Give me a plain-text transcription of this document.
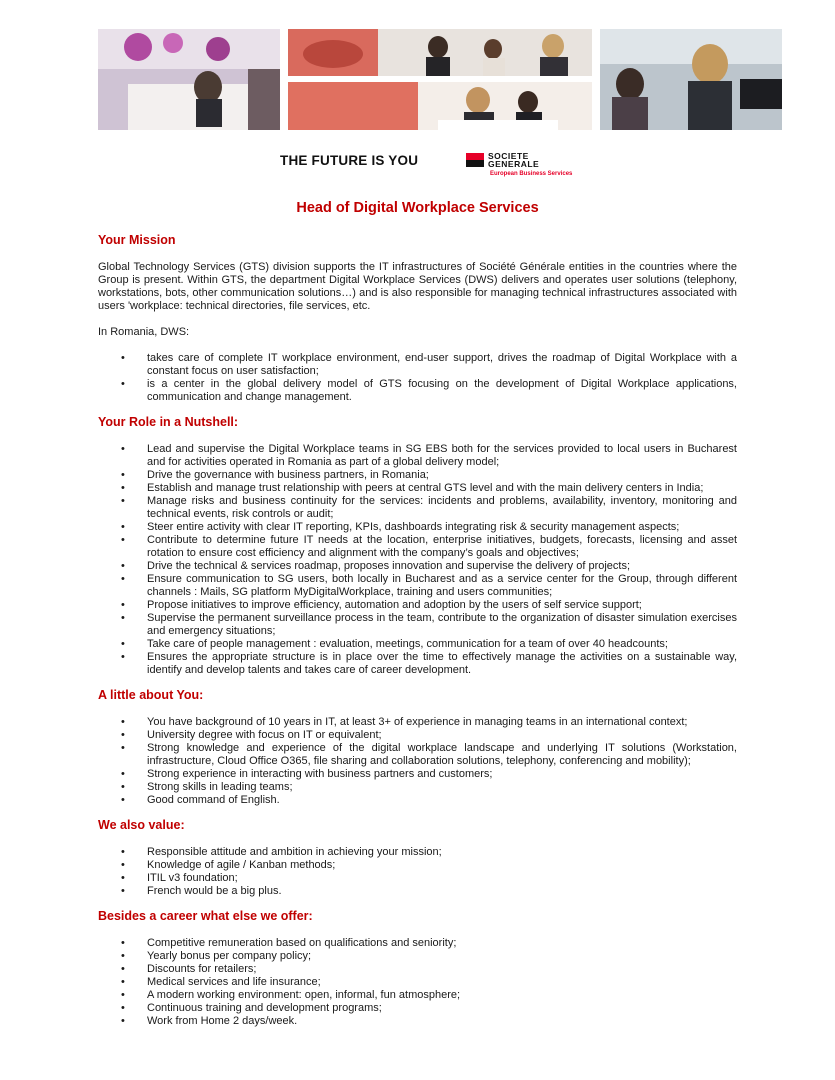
THE FUTURE IS YOU	SOCIETE GENERALE
European Business Services
Head of Digital Workplace Services
Your Mission

Global Technology Services (GTS) division supports the IT infrastructures of Société Générale entities in the countries where the Group is present. Within GTS, the department Digital Workplace Services (DWS) delivers and operates user solutions (telephony, workstations, bots, other communication solutions…) and is also responsible for managing technical infrastructures associated with users 'workplace: technical directories, file services, etc.

In Romania, DWS:

• takes care of complete IT workplace environment, end-user support, drives the roadmap of Digital Workplace with a constant focus on user satisfaction;
• is a center in the global delivery model of GTS focusing on the development of Digital Workplace applications, communication and change management.
Your Role in a Nutshell:
• Lead and supervise the Digital Workplace teams in SG EBS both for the services provided to local users in Bucharest and for activities operated in Romania as part of a global delivery model;
• Drive the governance with business partners, in Romania;
• Establish and manage trust relationship with peers at central GTS level and with the main delivery centers in India;
• Manage risks and business continuity for the services: incidents and problems, availability, inventory, monitoring and technical events, risk controls or audit;
• Steer entire activity with clear IT reporting, KPIs, dashboards integrating risk & security management aspects;
• Contribute to determine future IT needs at the location, enterprise initiatives, budgets, forecasts, licensing and asset rotation to ensure cost efficiency and alignment with the company’s goals and objectives;
• Drive the technical & services roadmap, proposes innovation and supervise the delivery of projects;
• Ensure communication to SG users, both locally in Bucharest and as a service center for the Group, through different channels : Mails, SG platform MyDigitalWorkplace, training and users communities;
• Propose initiatives to improve efficiency, automation and adoption by the users of self service support;
• Supervise the permanent surveillance process in the team, contribute to the organization of disaster simulation exercises and emergency situations;
• Take care of people management : evaluation, meetings, communication for a team of over 40 headcounts;
• Ensures the appropriate structure is in place over the time to effectively manage the activities on a sustainable way, identify and develop talents and takes care of career development.
A little about You:
• You have background of 10 years in IT, at least 3+ of experience in managing teams in an international context;
• University degree with focus on IT or equivalent;
• Strong knowledge and experience of the digital workplace landscape and underlying IT solutions (Workstation, infrastructure, Cloud Office O365, file sharing and collaboration solutions, telephony, conferencing and mobility);
• Strong experience in interacting with business partners and customers;
• Strong skills in leading teams;
• Good command of English.
We also value:
• Responsible attitude and ambition in achieving your mission;
• Knowledge of agile / Kanban methods;
• ITIL v3 foundation;
• French would be a big plus.
Besides a career what else we offer:
• Competitive remuneration based on qualifications and seniority;
• Yearly bonus per company policy;
• Discounts for retailers;
• Medical services and life insurance;
• A modern working environment: open, informal, fun atmosphere;
• Continuous training and development programs;
• Work from Home 2 days/week.
